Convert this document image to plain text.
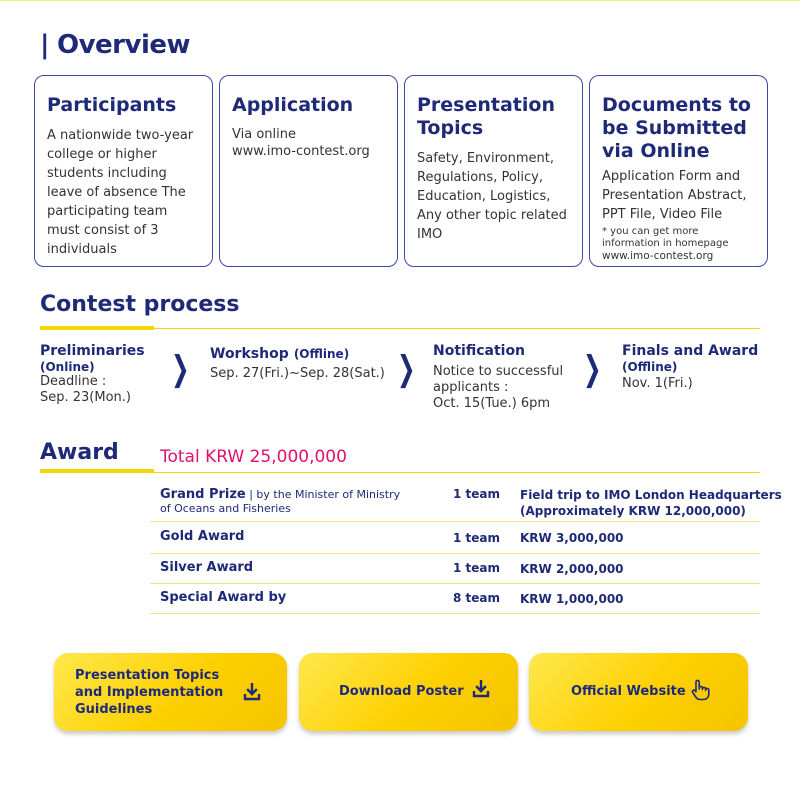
| Overview
Participants

A nationwide two-year college or higher students including leave of absence The participating team must consist of 3 individuals

Application

Via online
www.imo-contest.org

Presentation Topics

Safety, Environment, Regulations, Policy, Education, Logistics, Any other topic related IMO

Documents to be Submitted via Online

Application Form and Presentation Abstract, PPT File, Video File

* you can get more information in homepage
www.imo-contest.org
Contest process
Preliminaries
(Online)
Deadline :
Sep. 23(Mon.)
❯ Workshop (Offline)
Sep. 27(Fri.)~Sep. 28(Sat.) ❯ Notification
Notice to successful
applicants :
Oct. 15(Tue.) 6pm
❯ Finals and Award
(Offline)
Nov. 1(Fri.)
Award Total KRW 25,000,000
Grand Prize | by the Minister of Ministry
of Oceans and Fisheries
1 team Field trip to IMO London Headquarters
(Approximately KRW 12,000,000)
Gold Award	1 team KRW 3,000,000
Silver Award	1 team KRW 2,000,000
Special Award by	8 team KRW 1,000,000
Presentation Topics
and Implementation
Guidelines
Download Poster	Official Website
